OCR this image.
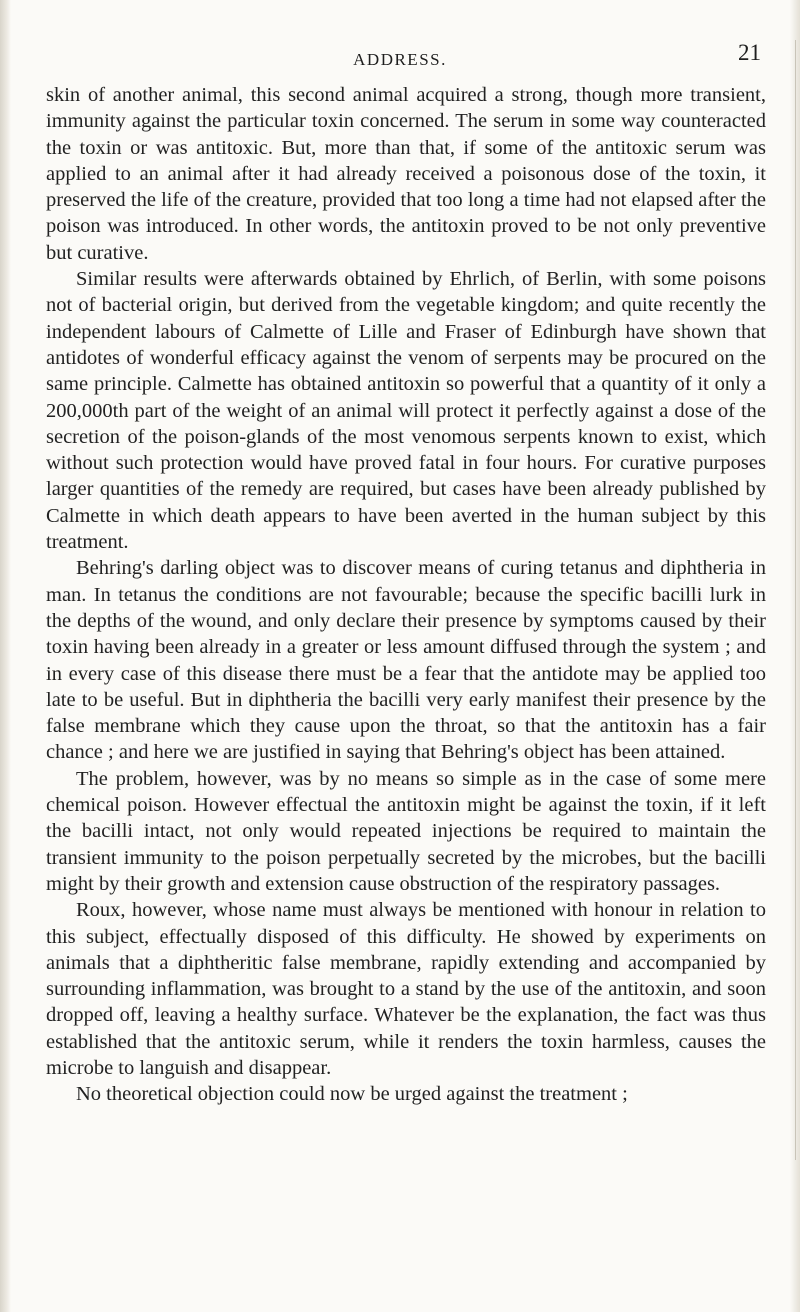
ADDRESS.	21

skin of another animal, this second animal acquired a strong, though more transient, immunity against the particular toxin concerned. The serum in some way counteracted the toxin or was antitoxic. But, more than that, if some of the antitoxic serum was applied to an animal after it had already received a poisonous dose of the toxin, it preserved the life of the creature, provided that too long a time had not elapsed after the poison was introduced. In other words, the antitoxin proved to be not only preventive but curative.

Similar results were afterwards obtained by Ehrlich, of Berlin, with some poisons not of bacterial origin, but derived from the vegetable kingdom; and quite recently the independent labours of Calmette of Lille and Fraser of Edinburgh have shown that antidotes of wonderful efficacy against the venom of serpents may be procured on the same principle. Calmette has obtained antitoxin so powerful that a quantity of it only a 200,000th part of the weight of an animal will protect it perfectly against a dose of the secretion of the poison-glands of the most venomous serpents known to exist, which without such protection would have proved fatal in four hours. For curative purposes larger quantities of the remedy are required, but cases have been already published by Calmette in which death appears to have been averted in the human subject by this treatment.

Behring's darling object was to discover means of curing tetanus and diphtheria in man. In tetanus the conditions are not favourable; because the specific bacilli lurk in the depths of the wound, and only declare their presence by symptoms caused by their toxin having been already in a greater or less amount diffused through the system ; and in every case of this disease there must be a fear that the antidote may be applied too late to be useful. But in diphtheria the bacilli very early manifest their presence by the false membrane which they cause upon the throat, so that the antitoxin has a fair chance ; and here we are justified in saying that Behring's object has been attained.

The problem, however, was by no means so simple as in the case of some mere chemical poison. However effectual the antitoxin might be against the toxin, if it left the bacilli intact, not only would repeated injections be required to maintain the transient immunity to the poison perpetually secreted by the microbes, but the bacilli might by their growth and extension cause obstruction of the respiratory passages.

Roux, however, whose name must always be mentioned with honour in relation to this subject, effectually disposed of this difficulty. He showed by experiments on animals that a diphtheritic false membrane, rapidly extending and accompanied by surrounding inflammation, was brought to a stand by the use of the antitoxin, and soon dropped off, leaving a healthy surface. Whatever be the explanation, the fact was thus established that the antitoxic serum, while it renders the toxin harmless, causes the microbe to languish and disappear.

No theoretical objection could now be urged against the treatment ;
